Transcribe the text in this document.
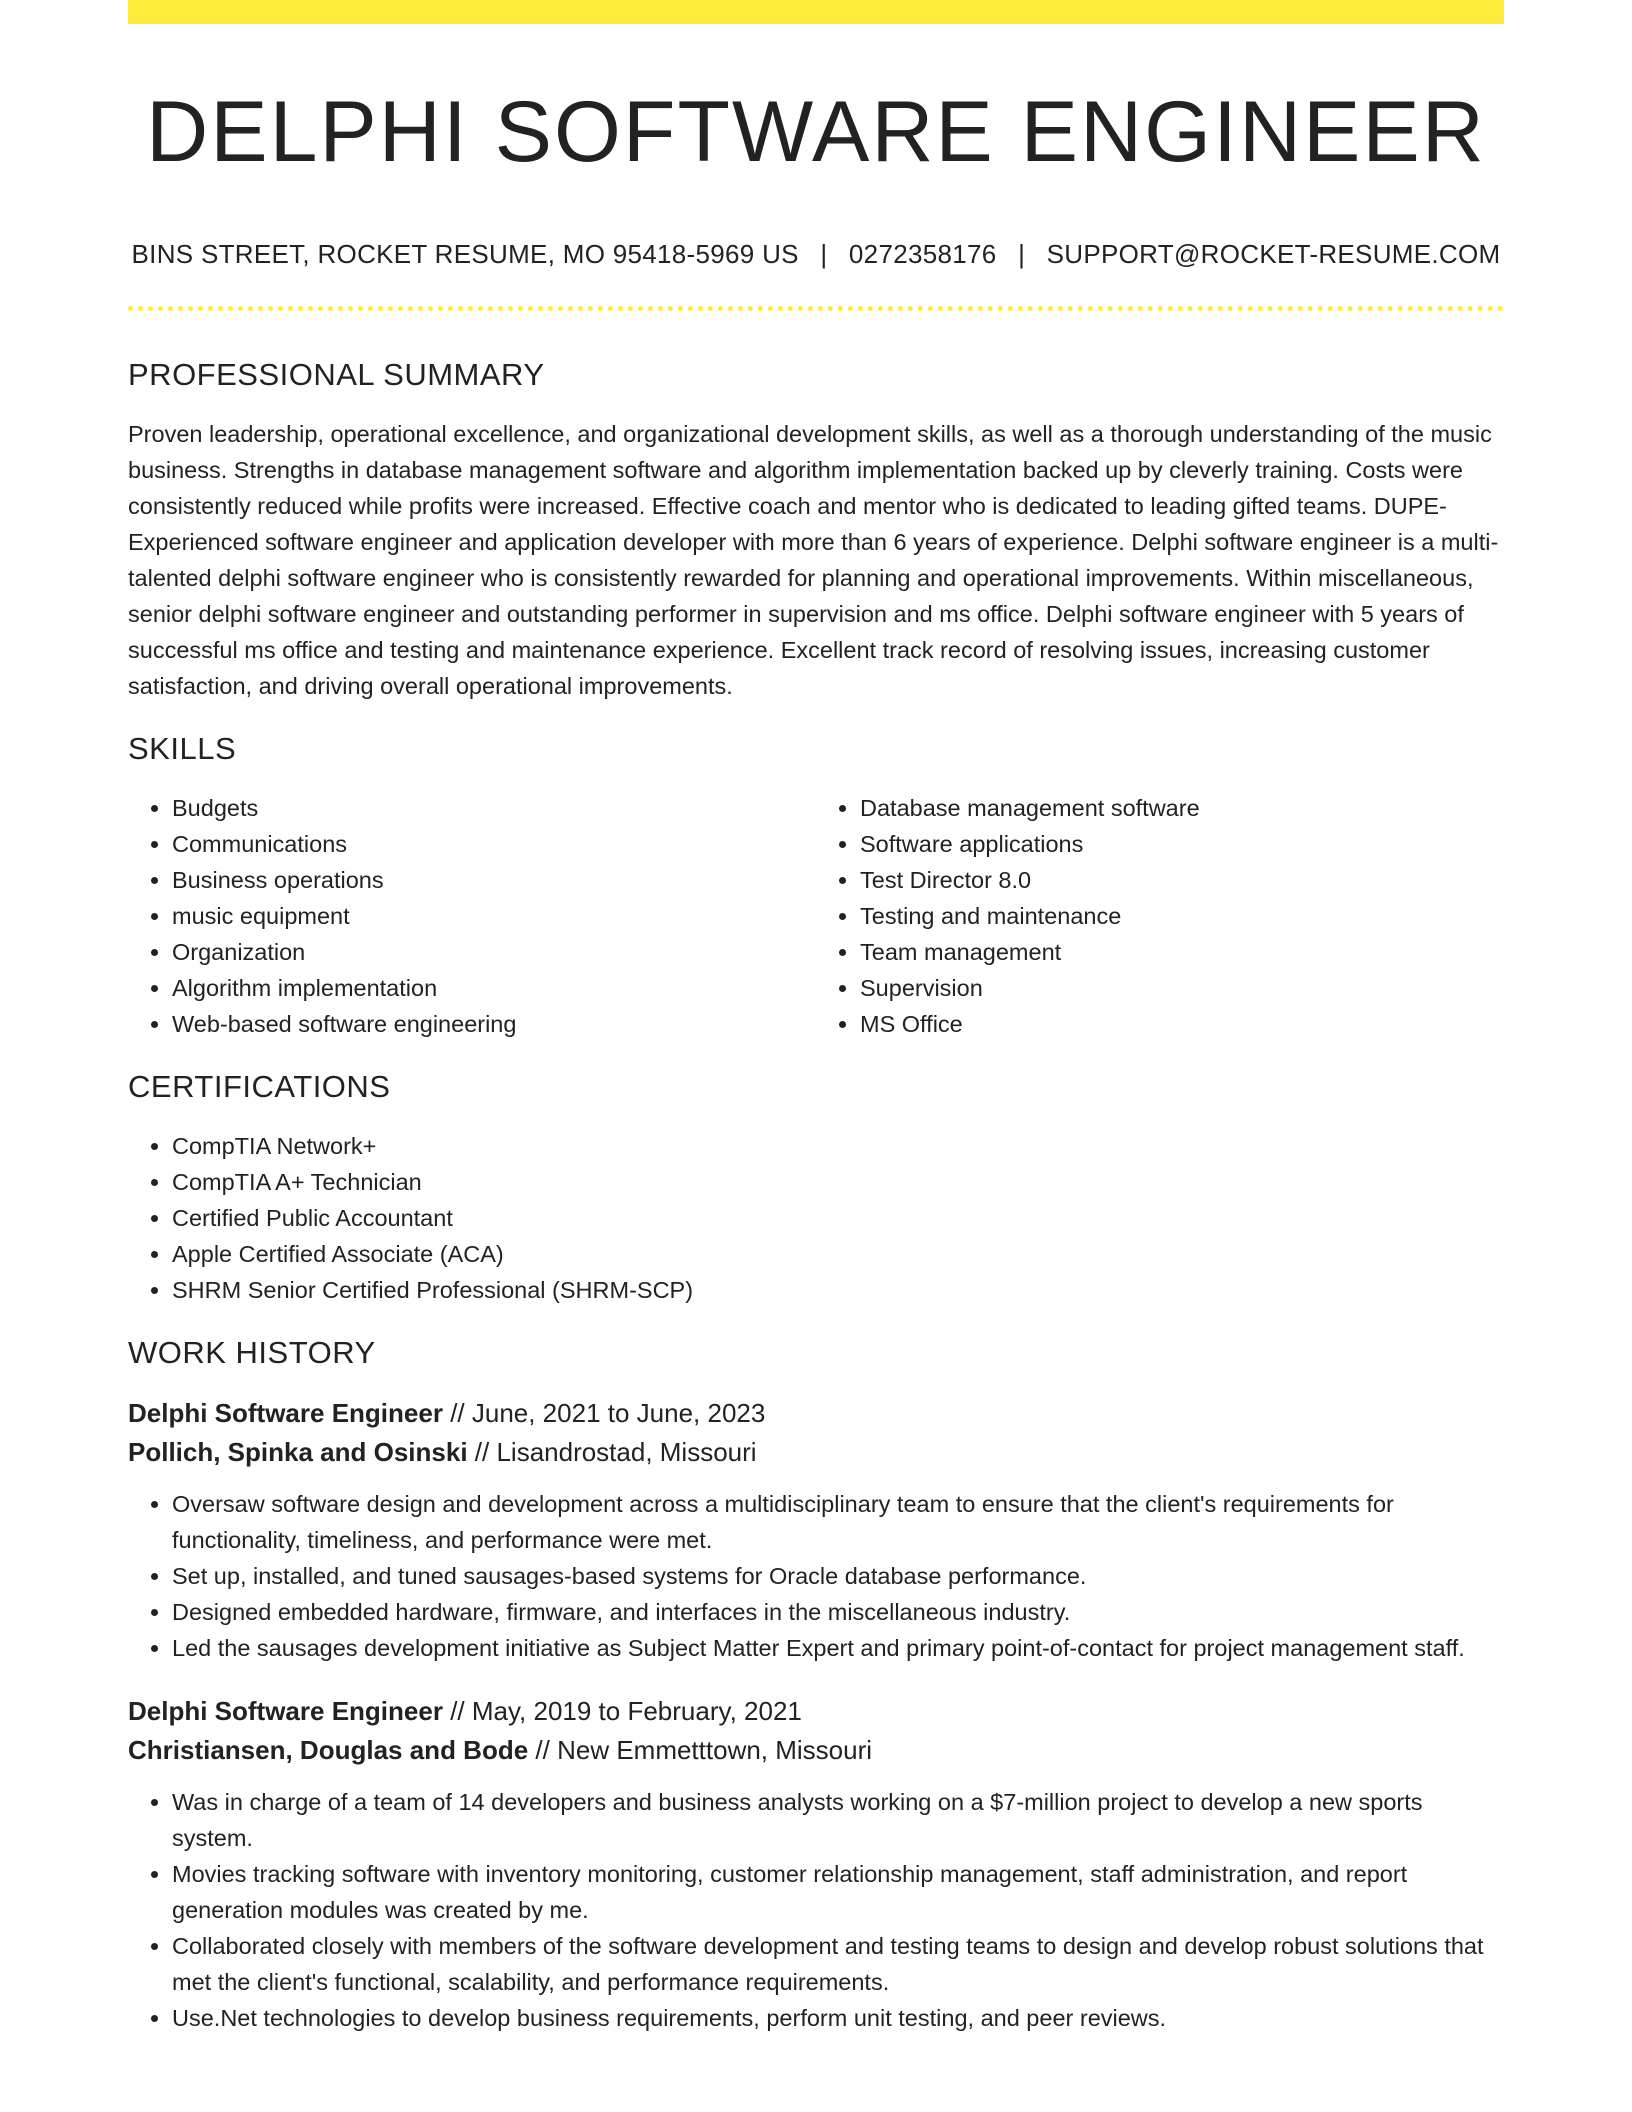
DELPHI SOFTWARE ENGINEER
BINS STREET, ROCKET RESUME, MO 95418-5969 US | 0272358176 | SUPPORT@ROCKET-RESUME.COM
PROFESSIONAL SUMMARY

Proven leadership, operational excellence, and organizational development skills, as well as a thorough understanding of the music business. Strengths in database management software and algorithm implementation backed up by cleverly training. Costs were consistently reduced while profits were increased. Effective coach and mentor who is dedicated to leading gifted teams. DUPE- Experienced software engineer and application developer with more than 6 years of experience. Delphi software engineer is a multi-talented delphi software engineer who is consistently rewarded for planning and operational improvements. Within miscellaneous, senior delphi software engineer and outstanding performer in supervision and ms office. Delphi software engineer with 5 years of successful ms office and testing and maintenance experience. Excellent track record of resolving issues, increasing customer satisfaction, and driving overall operational improvements.

SKILLS
• Budgets
• Communications
• Business operations
• music equipment
• Organization
• Algorithm implementation
• Web-based software engineering
• Database management software
• Software applications
• Test Director 8.0
• Testing and maintenance
• Team management
• Supervision
• MS Office
CERTIFICATIONS
• CompTIA Network+
• CompTIA A+ Technician
• Certified Public Accountant
• Apple Certified Associate (ACA)
• SHRM Senior Certified Professional (SHRM-SCP)
WORK HISTORY

Delphi Software Engineer // June, 2021 to June, 2023

Pollich, Spinka and Osinski // Lisandrostad, Missouri

• Oversaw software design and development across a multidisciplinary team to ensure that the client's requirements for functionality, timeliness, and performance were met.
• Set up, installed, and tuned sausages-based systems for Oracle database performance.
• Designed embedded hardware, firmware, and interfaces in the miscellaneous industry.
• Led the sausages development initiative as Subject Matter Expert and primary point-of-contact for project management staff.

Delphi Software Engineer // May, 2019 to February, 2021

Christiansen, Douglas and Bode // New Emmetttown, Missouri

• Was in charge of a team of 14 developers and business analysts working on a $7-million project to develop a new sports system.
• Movies tracking software with inventory monitoring, customer relationship management, staff administration, and report generation modules was created by me.
• Collaborated closely with members of the software development and testing teams to design and develop robust solutions that met the client's functional, scalability, and performance requirements.
• Use.Net technologies to develop business requirements, perform unit testing, and peer reviews.
